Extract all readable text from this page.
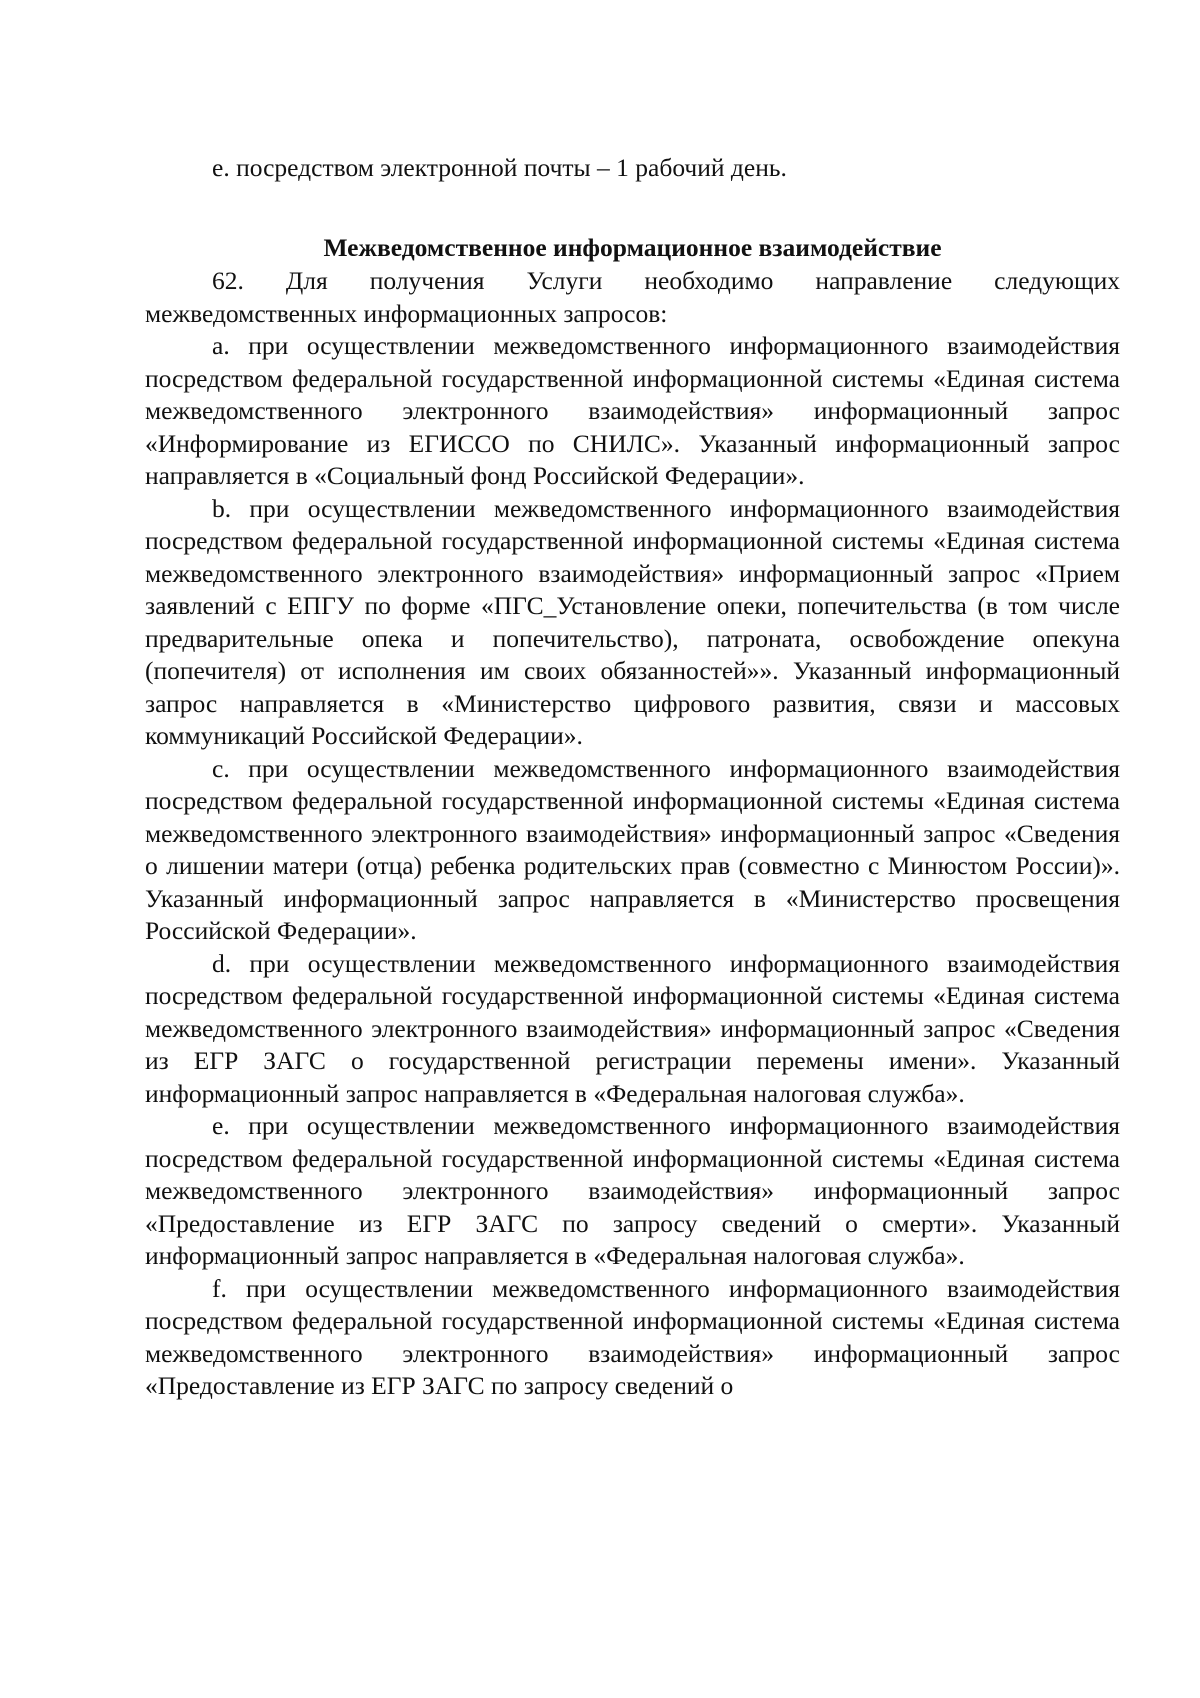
e. посредством электронной почты – 1 рабочий день.
Межведомственное информационное взаимодействие

62. Для получения Услуги необходимо направление следующих межведомственных информационных запросов:

a. при осуществлении межведомственного информационного взаимодействия посредством федеральной государственной информационной системы «Единая система межведомственного электронного взаимодействия» информационный запрос «Информирование из ЕГИССО по СНИЛС». Указанный информационный запрос направляется в «Социальный фонд Российской Федерации».

b. при осуществлении межведомственного информационного взаимодействия посредством федеральной государственной информационной системы «Единая система межведомственного электронного взаимодействия» информационный запрос «Прием заявлений с ЕПГУ по форме «ПГС_Установление опеки, попечительства (в том числе предварительные опека и попечительство), патроната, освобождение опекуна (попечителя) от исполнения им своих обязанностей»». Указанный информационный запрос направляется в «Министерство цифрового развития, связи и массовых коммуникаций Российской Федерации».

c. при осуществлении межведомственного информационного взаимодействия посредством федеральной государственной информационной системы «Единая система межведомственного электронного взаимодействия» информационный запрос «Сведения о лишении матери (отца) ребенка родительских прав (совместно с Минюстом России)». Указанный информационный запрос направляется в «Министерство просвещения Российской Федерации».

d. при осуществлении межведомственного информационного взаимодействия посредством федеральной государственной информационной системы «Единая система межведомственного электронного взаимодействия» информационный запрос «Сведения из ЕГР ЗАГС о государственной регистрации перемены имени». Указанный информационный запрос направляется в «Федеральная налоговая служба».

e. при осуществлении межведомственного информационного взаимодействия посредством федеральной государственной информационной системы «Единая система межведомственного электронного взаимодействия» информационный запрос «Предоставление из ЕГР ЗАГС по запросу сведений о смерти». Указанный информационный запрос направляется в «Федеральная налоговая служба».

f. при осуществлении межведомственного информационного взаимодействия посредством федеральной государственной информационной системы «Единая система межведомственного электронного взаимодействия» информационный запрос «Предоставление из ЕГР ЗАГС по запросу сведений о
